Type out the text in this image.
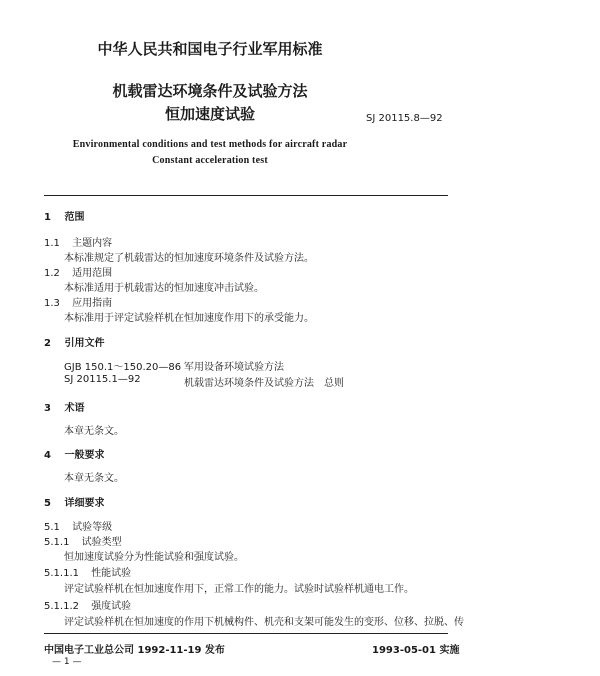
中华人民共和国电子行业军用标准
机载雷达环境条件及试验方法
恒加速度试验	SJ 20115.8—92
Environmental conditions and test methods for aircraft radar
Constant acceleration test
1 范围
1.1 主题内容
本标准规定了机载雷达的恒加速度环境条件及试验方法。
1.2 适用范围
本标准适用于机载雷达的恒加速度冲击试验。
1.3 应用指南
本标准用于评定试验样机在恒加速度作用下的承受能力。
2 引用文件
GJB 150.1～150.20—86 军用设备环境试验方法
SJ 20115.1—92	机载雷达环境条件及试验方法　总则
3 术语
本章无条文。
4 一般要求
本章无条文。
5 详细要求
5.1 试验等级
5.1.1 试验类型
恒加速度试验分为性能试验和强度试验。
5.1.1.1 性能试验
评定试验样机在恒加速度作用下，正常工作的能力。试验时试验样机通电工作。
5.1.1.2 强度试验
评定试验样机在恒加速度的作用下机械构件、机壳和支架可能发生的变形、位移、拉脱、传
中国电子工业总公司 1992-11-19 发布	1993-05-01 实施
— 1 —
